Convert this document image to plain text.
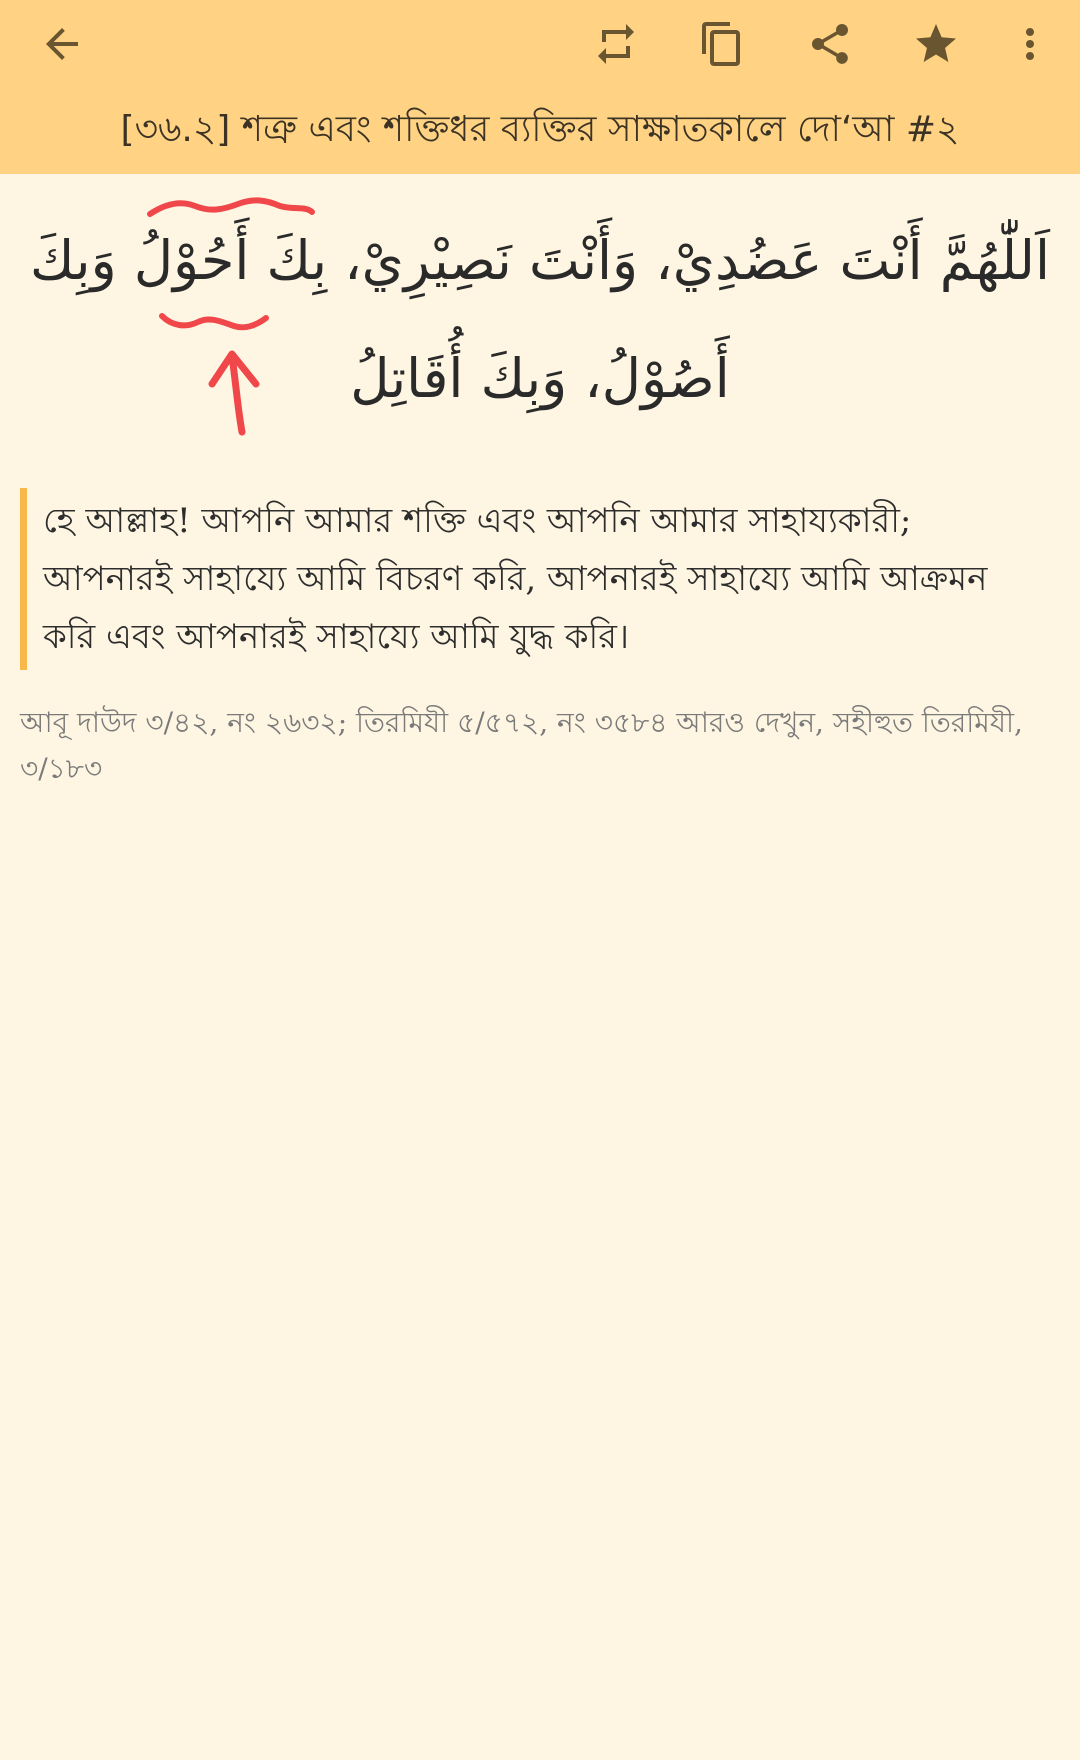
[৩৬.২] শত্রু এবং শক্তিধর ব্যক্তির সাক্ষাতকালে দো‘আ #২
اَللّٰهُمَّ أَنْتَ عَضُدِيْ، وَأَنْتَ نَصِيْرِيْ، بِكَ أَحُوْلُ وَبِكَ أَصُوْلُ، وَبِكَ أُقَاتِلُ
হে আল্লাহ! আপনি আমার শক্তি এবং আপনি আমার সাহায্যকারী; আপনারই সাহায্যে আমি বিচরণ করি, আপনারই সাহায্যে আমি আক্রমন করি এবং আপনারই সাহায্যে আমি যুদ্ধ করি।
আবূ দাউদ ৩/৪২, নং ২৬৩২; তিরমিযী ৫/৫৭২, নং ৩৫৮৪ আরও দেখুন, সহীহুত তিরমিযী, ৩/১৮৩
